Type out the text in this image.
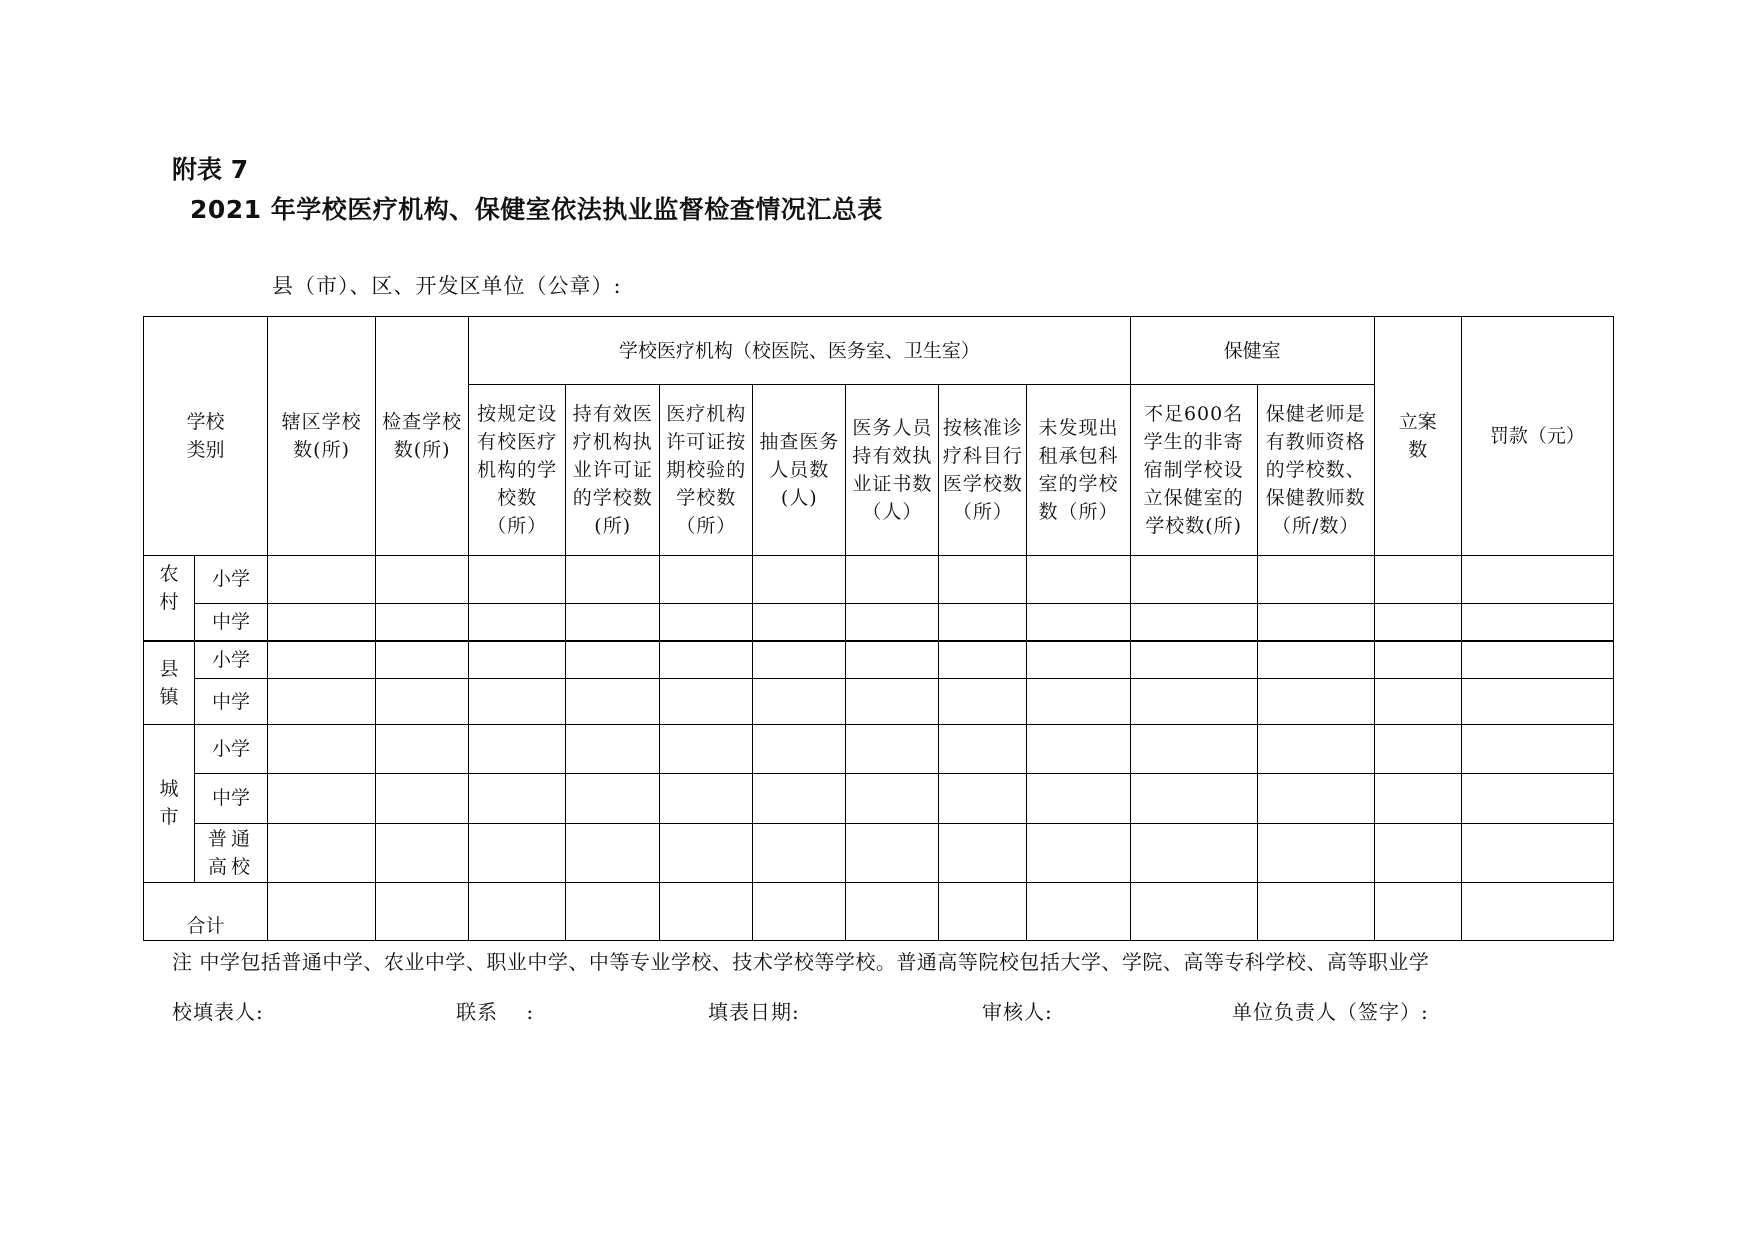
附表 7
2021 年学校医疗机构、保健室依法执业监督检查情况汇总表
县（市）、区、开发区单位（公章）:
学校类别		辖区学校数(所)	检查学校数(所)	学校医疗机构（校医院、医务室、卫生室）							保健室		立案数	罚款（元）
				按规定设有校医疗机构的学校数（所）	持有效医疗机构执业许可证的学校数(所)	医疗机构许可证按期校验的学校数（所）	抽查医务人员数(人)	医务人员持有效执业证书数（人）	按核准诊疗科目行医学校数（所）	未发现出租承包科室的学校数（所）	不足600名学生的非寄宿制学校设立保健室的学校数(所)	保健老师是有教师资格的学校数、保健教师数（所/数）		
农村	小学													
	中学													
县镇	小学													
	中学													
城市	小学													
	中学													
	普通高校													
合计														
注 中学包括普通中学、农业中学、职业中学、中等专业学校、技术学校等学校。普通高等院校包括大学、学院、高等专科学校、高等职业学
校填表人:	联系　 :	填表日期:	审核人:	单位负责人（签字）:
